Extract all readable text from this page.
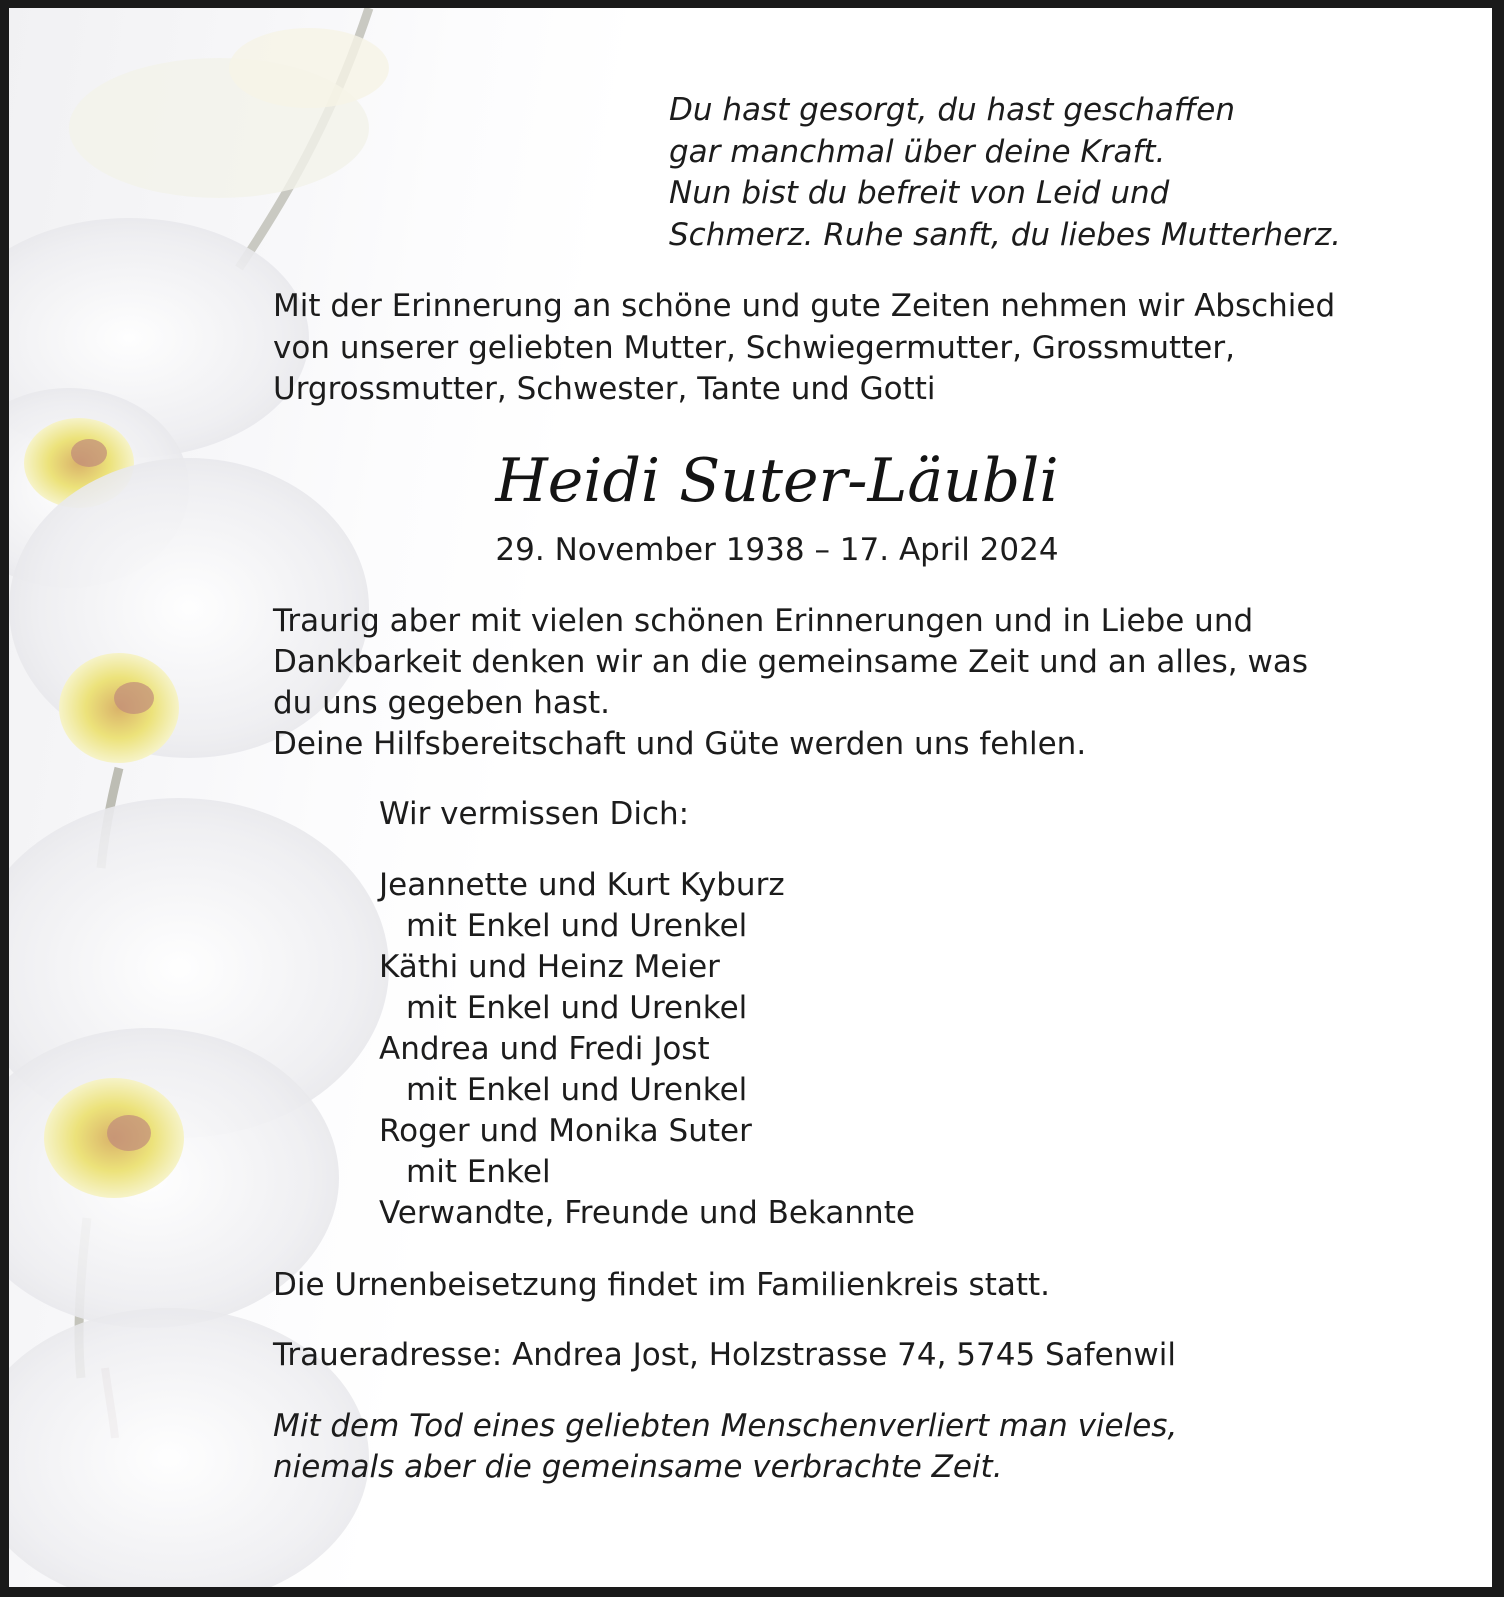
Du hast gesorgt, du hast geschaffen
gar manchmal über deine Kraft.
Nun bist du befreit von Leid und
Schmerz. Ruhe sanft, du liebes Mutterherz.
Mit der Erinnerung an schöne und gute Zeiten nehmen wir Abschied
von unserer geliebten Mutter, Schwiegermutter, Grossmutter,
Urgrossmutter, Schwester, Tante und Gotti
Heidi Suter-Läubli
29. November 1938 – 17. April 2024
Traurig aber mit vielen schönen Erinnerungen und in Liebe und
Dankbarkeit denken wir an die gemeinsame Zeit und an alles, was
du uns gegeben hast.
Deine Hilfsbereitschaft und Güte werden uns fehlen.
Wir vermissen Dich:
Jeannette und Kurt Kyburz
mit Enkel und Urenkel
Käthi und Heinz Meier
mit Enkel und Urenkel
Andrea und Fredi Jost
mit Enkel und Urenkel
Roger und Monika Suter
mit Enkel
Verwandte, Freunde und Bekannte
Die Urnenbeisetzung findet im Familienkreis statt.
Traueradresse: Andrea Jost, Holzstrasse 74, 5745 Safenwil
Mit dem Tod eines geliebten Menschenverliert man vieles,
niemals aber die gemeinsame verbrachte Zeit.
